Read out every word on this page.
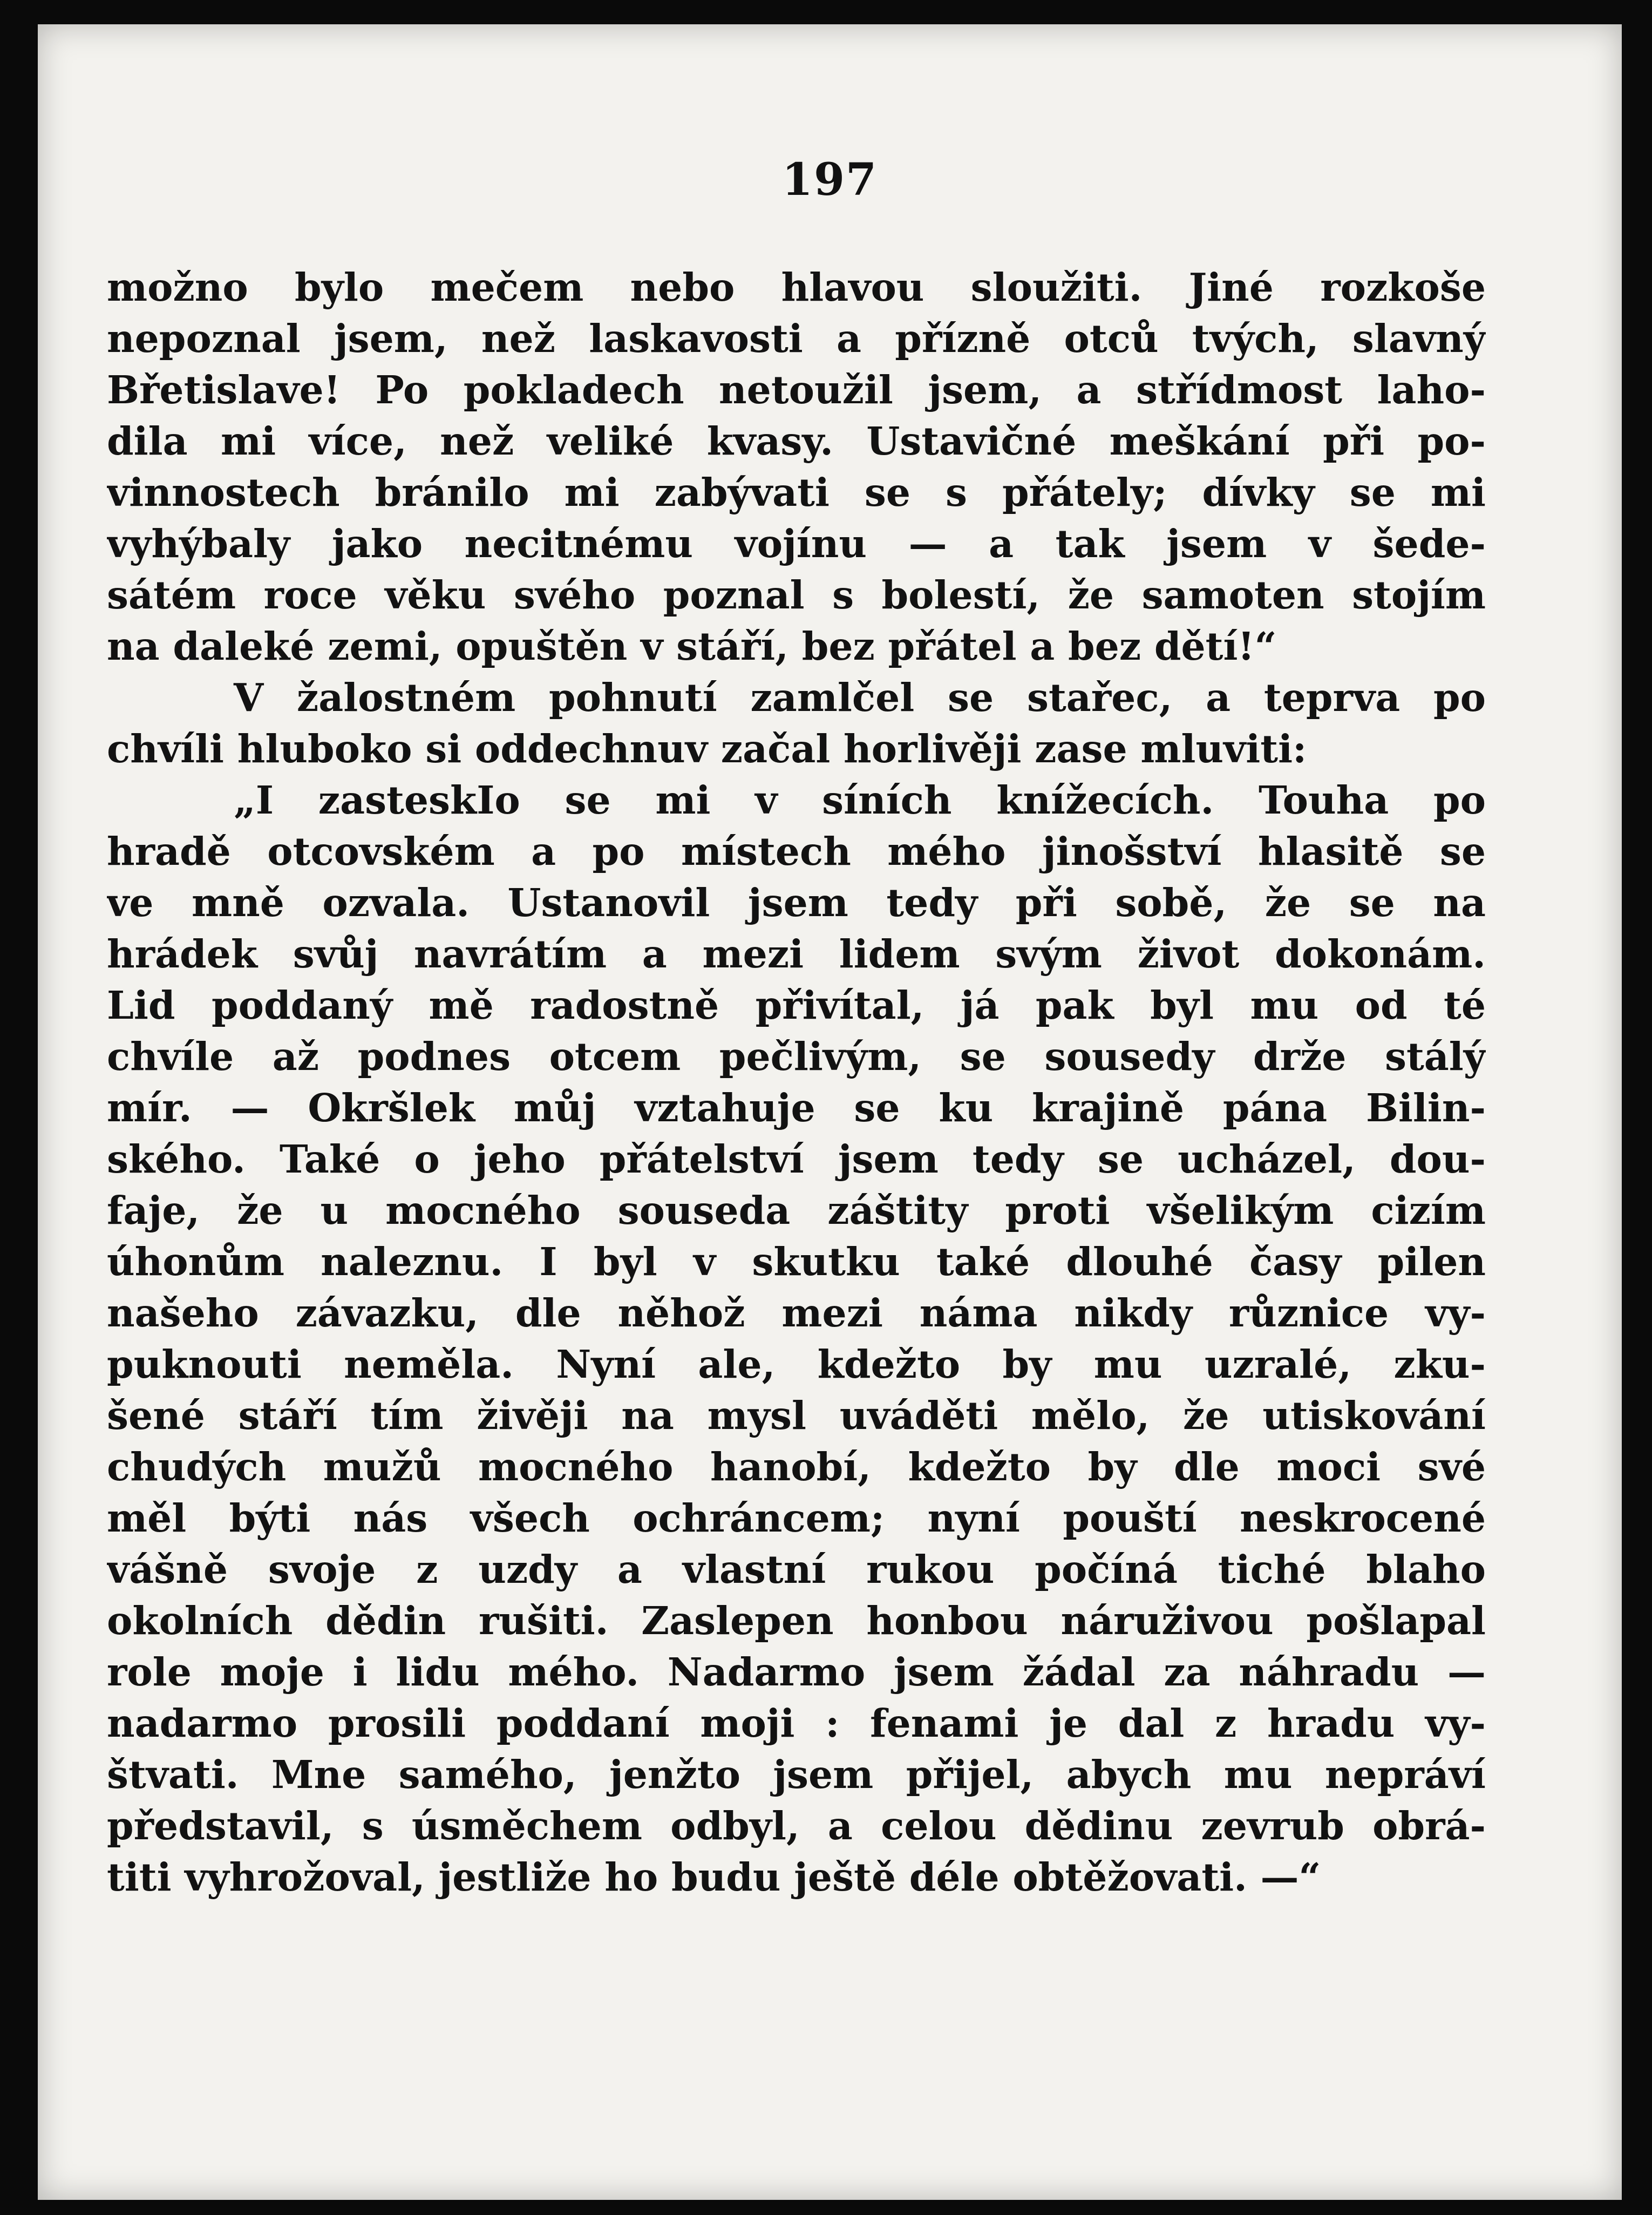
197
možno bylo mečem nebo hlavou sloužiti. Jiné rozkoše
nepoznal jsem, než laskavosti a přízně otců tvých, slavný
Břetislave! Po pokladech netoužil jsem, a střídmost laho-
dila mi více, než veliké kvasy. Ustavičné meškání při po-
vinnostech bránilo mi zabývati se s přátely; dívky se mi
vyhýbaly jako necitnému vojínu — a tak jsem v šede-
sátém roce věku svého poznal s bolestí, že samoten stojím
na daleké zemi, opuštěn v stáří, bez přátel a bez dětí!“
V žalostném pohnutí zamlčel se stařec, a teprva po
chvíli hluboko si oddechnuv začal horlivěji zase mluviti:
„I zasteskIo se mi v síních knížecích. Touha po
hradě otcovském a po místech mého jinošství hlasitě se
ve mně ozvala. Ustanovil jsem tedy při sobě, že se na
hrádek svůj navrátím a mezi lidem svým život dokonám.
Lid poddaný mě radostně přivítal, já pak byl mu od té
chvíle až podnes otcem pečlivým, se sousedy drže stálý
mír. — Okršlek můj vztahuje se ku krajině pána Bilin-
ského. Také o jeho přátelství jsem tedy se ucházel, dou-
faje, že u mocného souseda záštity proti všelikým cizím
úhonům naleznu. I byl v skutku také dlouhé časy pilen
našeho závazku, dle něhož mezi náma nikdy různice vy-
puknouti neměla. Nyní ale, kdežto by mu uzralé, zku-
šené stáří tím živěji na mysl uváděti mělo, že utiskování
chudých mužů mocného hanobí, kdežto by dle moci své
měl býti nás všech ochráncem; nyní pouští neskrocené
vášně svoje z uzdy a vlastní rukou počíná tiché blaho
okolních dědin rušiti. Zaslepen honbou náruživou pošlapal
role moje i lidu mého. Nadarmo jsem žádal za náhradu —
nadarmo prosili poddaní moji : fenami je dal z hradu vy-
štvati. Mne samého, jenžto jsem přijel, abych mu nepráví
představil, s úsměchem odbyl, a celou dědinu zevrub obrá-
titi vyhrožoval, jestliže ho budu ještě déle obtěžovati. —“
